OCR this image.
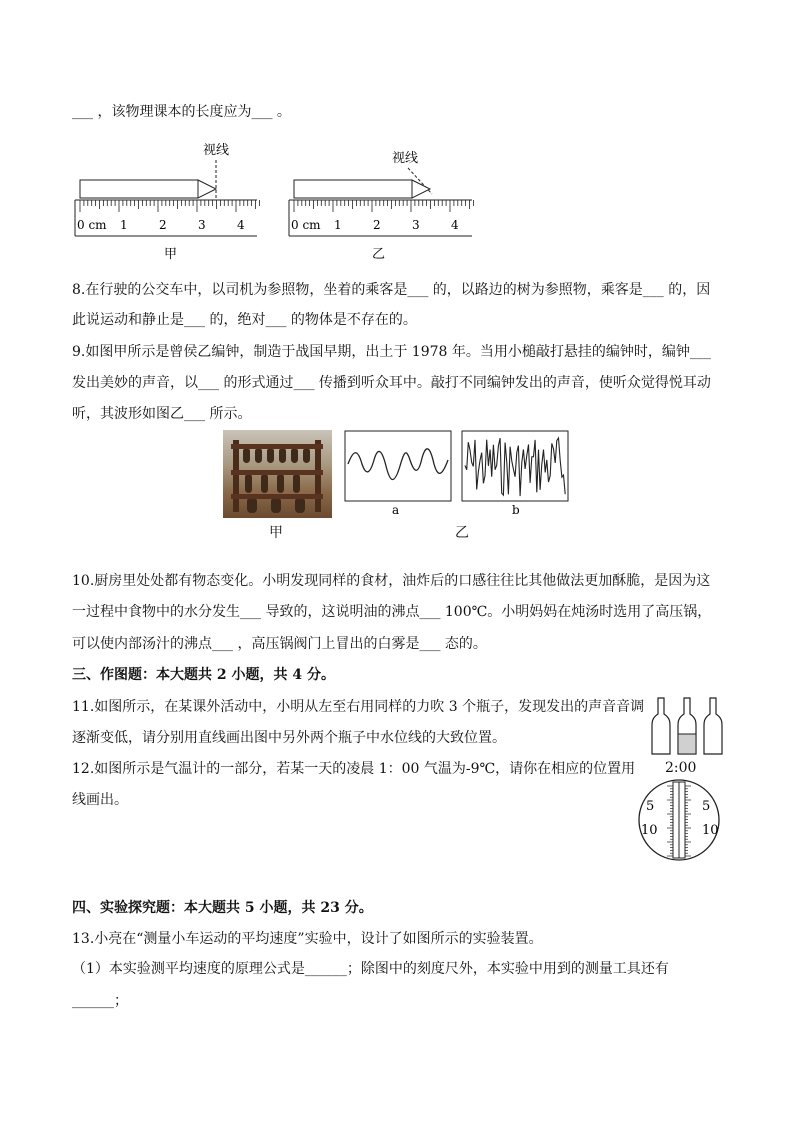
___ ，该物理课本的长度应为___ 。
视线
0 cm 1	2	3	4
甲
视线
0 cm 1	2	3	4
乙
8.在行驶的公交车中，以司机为参照物，坐着的乘客是___ 的，以路边的树为参照物，乘客是___ 的，因
此说运动和静止是___ 的，绝对___ 的物体是不存在的。
9.如图甲所示是曾侯乙编钟，制造于战国早期，出土于 1978 年。当用小槌敲打悬挂的编钟时，编钟___
发出美妙的声音，以___ 的形式通过___ 传播到听众耳中。敲打不同编钟发出的声音，使听众觉得悦耳动
听，其波形如图乙___ 所示。
甲
a	b
乙
10.厨房里处处都有物态变化。小明发现同样的食材，油炸后的口感往往比其他做法更加酥脆，是因为这
一过程中食物中的水分发生___ 导致的，这说明油的沸点___ 100℃。小明妈妈在炖汤时选用了高压锅，
可以使内部汤汁的沸点___ ，高压锅阀门上冒出的白雾是___ 态的。
三、作图题：本大题共 2 小题，共 4 分。
11.如图所示，在某课外活动中，小明从左至右用同样的力吹 3 个瓶子，发现发出的声音音调
逐渐变低，请分别用直线画出图中另外两个瓶子中水位线的大致位置。
12.如图所示是气温计的一部分，若某一天的凌晨 1：00 气温为-9℃，请你在相应的位置用
线画出。
2:00
5	5
10	10
四、实验探究题：本大题共 5 小题，共 23 分。
13.小亮在“测量小车运动的平均速度”实验中，设计了如图所示的实验装置。
（1）本实验测平均速度的原理公式是______；除图中的刻度尺外，本实验中用到的测量工具还有
______；
